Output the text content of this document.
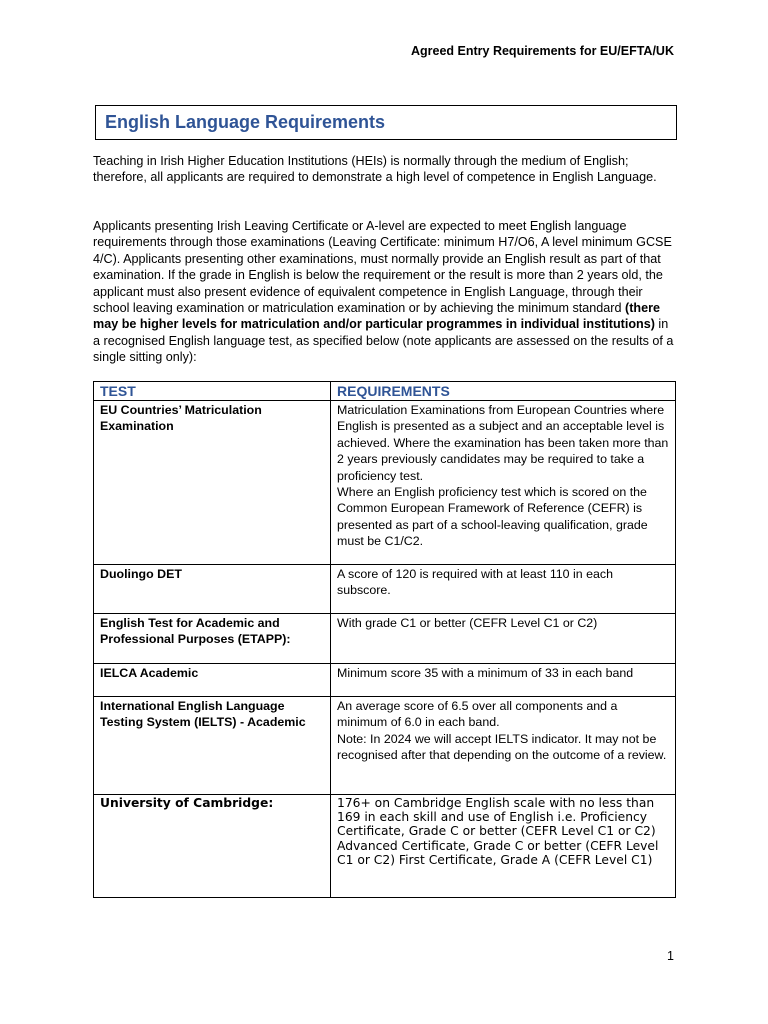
Agreed Entry Requirements for EU/EFTA/UK
English Language Requirements
Teaching in Irish Higher Education Institutions (HEIs) is normally through the medium of English; therefore, all applicants are required to demonstrate a high level of competence in English Language.
Applicants presenting Irish Leaving Certificate or A-level are expected to meet English language requirements through those examinations (Leaving Certificate: minimum H7/O6, A level minimum GCSE 4/C). Applicants presenting other examinations, must normally provide an English result as part of that examination. If the grade in English is below the requirement or the result is more than 2 years old, the applicant must also present evidence of equivalent competence in English Language, through their school leaving examination or matriculation examination or by achieving the minimum standard (there may be higher levels for matriculation and/or particular programmes in individual institutions) in a recognised English language test, as specified below (note applicants are assessed on the results of a single sitting only):
TEST	REQUIREMENTS
EU Countries’ Matriculation Examination	Matriculation Examinations from European Countries where English is presented as a subject and an acceptable level is achieved. Where the examination has been taken more than 2 years previously candidates may be required to take a proficiency test.
Where an English proficiency test which is scored on the Common European Framework of Reference (CEFR) is presented as part of a school-leaving qualification, grade must be C1/C2.

Duolingo DET	A score of 120 is required with at least 110 in each subscore.
English Test for Academic and Professional Purposes (ETAPP):	With grade C1 or better (CEFR Level C1 or C2)
IELCA Academic	Minimum score 35 with a minimum of 33 in each band
International English Language Testing System (IELTS) - Academic	An average score of 6.5 over all components and a minimum of 6.0 in each band.
Note: In 2024 we will accept IELTS indicator. It may not be recognised after that depending on the outcome of a review.

University of Cambridge:	176+ on Cambridge English scale with no less than 169 in each skill and use of English i.e. Proficiency Certificate, Grade C or better (CEFR Level C1 or C2) Advanced Certificate, Grade C or better (CEFR Level C1 or C2) First Certificate, Grade A (CEFR Level C1)
1
